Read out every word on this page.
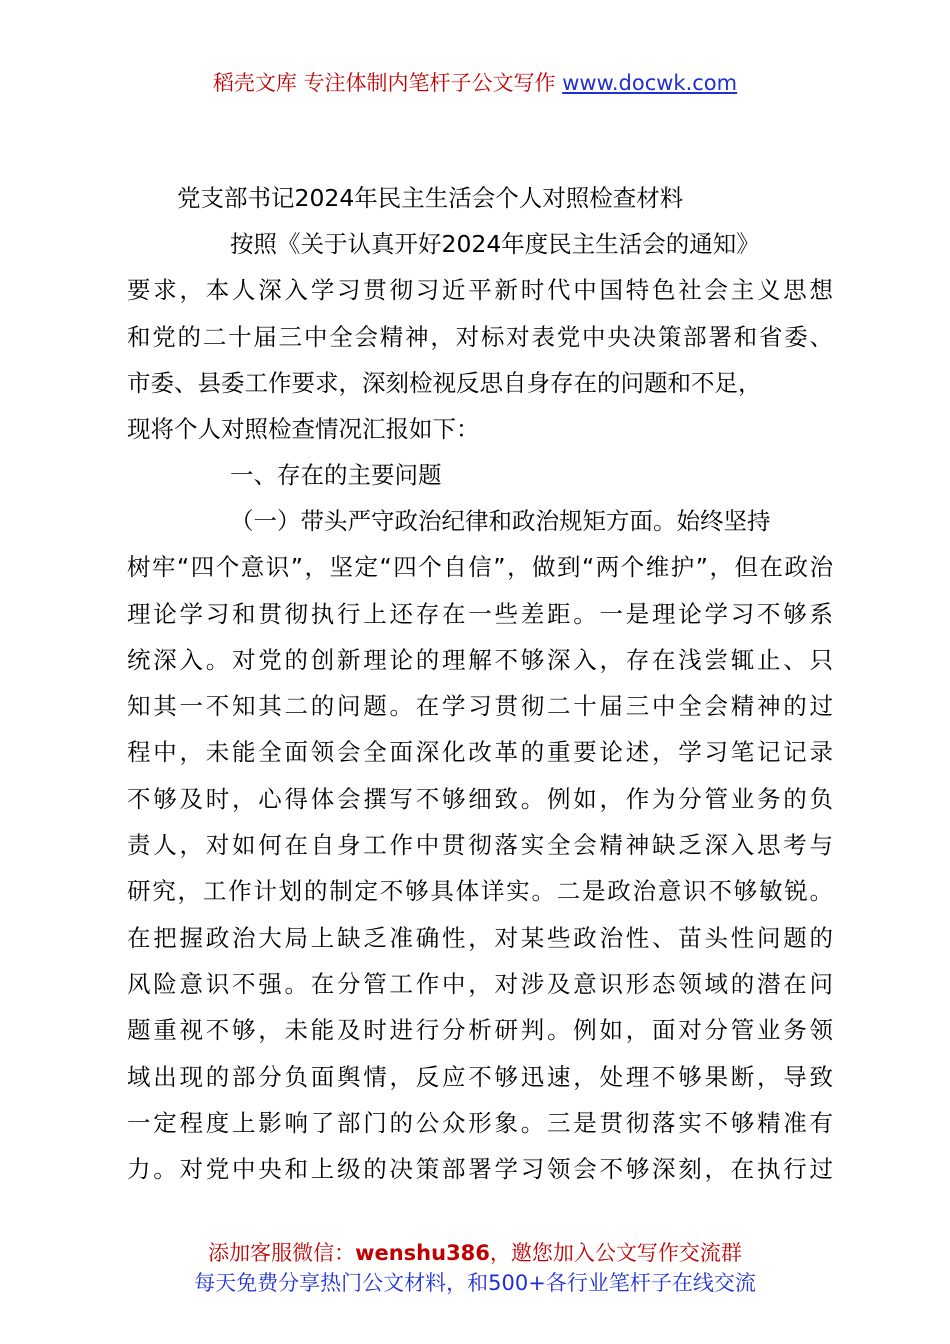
稻壳文库 专注体制内笔杆子公文写作 www.docwk.com
党支部书记2024年民主生活会个人对照检查材料
按照《关于认真开好2024年度民主生活会的通知》
要求，本人深入学习贯彻习近平新时代中国特色社会主义思想
和党的二十届三中全会精神，对标对表党中央决策部署和省委、
市委、县委工作要求，深刻检视反思自身存在的问题和不足，
现将个人对照检查情况汇报如下：
一、存在的主要问题
（一）带头严守政治纪律和政治规矩方面。始终坚持
树牢“四个意识”，坚定“四个自信”，做到“两个维护”，但在政治
理论学习和贯彻执行上还存在一些差距。一是理论学习不够系
统深入。对党的创新理论的理解不够深入，存在浅尝辄止、只
知其一不知其二的问题。在学习贯彻二十届三中全会精神的过
程中，未能全面领会全面深化改革的重要论述，学习笔记记录
不够及时，心得体会撰写不够细致。例如，作为分管业务的负
责人，对如何在自身工作中贯彻落实全会精神缺乏深入思考与
研究，工作计划的制定不够具体详实。二是政治意识不够敏锐。
在把握政治大局上缺乏准确性，对某些政治性、苗头性问题的
风险意识不强。在分管工作中，对涉及意识形态领域的潜在问
题重视不够，未能及时进行分析研判。例如，面对分管业务领
域出现的部分负面舆情，反应不够迅速，处理不够果断，导致
一定程度上影响了部门的公众形象。三是贯彻落实不够精准有
力。对党中央和上级的决策部署学习领会不够深刻，在执行过
添加客服微信：wenshu386，邀您加入公文写作交流群
每天免费分享热门公文材料，和500+各行业笔杆子在线交流
